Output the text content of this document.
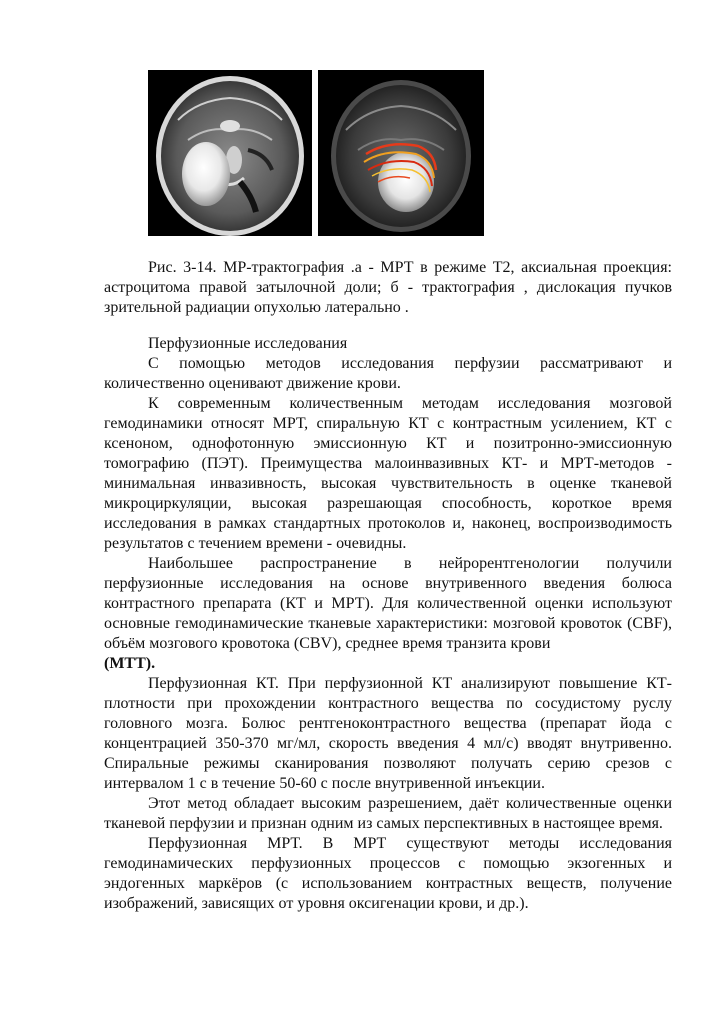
Рис. 3-14. МР-трактография .а - МРТ в режиме Т2, аксиальная проекция: астроцитома правой затылочной доли; б - трактография , дислокация пучков зрительной радиации опухолью латерально .

Перфузионные исследования

С помощью методов исследования перфузии рассматривают и количественно оценивают движение крови.

К современным количественным методам исследования мозговой гемодинамики относят МРТ, спиральную КТ с контрастным усилением, КТ с ксеноном, однофотонную эмиссионную КТ и позитронно-эмиссионную томографию (ПЭТ). Преимущества малоинвазивных КТ- и МРТ-методов - минимальная инвазивность, высокая чувствительность в оценке тканевой микроциркуляции, высокая разрешающая способность, короткое время исследования в рамках стандартных протоколов и, наконец, воспроизводимость результатов с течением времени - очевидны.

Наибольшее распространение в нейрорентгенологии получили перфузионные исследования на основе внутривенного введения болюса контрастного препарата (КТ и МРТ). Для количественной оценки используют основные гемодинамические тканевые характеристики: мозговой кровоток (CBF), объём мозгового кровотока (CBV), среднее время транзита крови
(MTT).

Перфузионная КТ. При перфузионной КТ анализируют повышение КТ-плотности при прохождении контрастного вещества по сосудистому руслу головного мозга. Болюс рентгеноконтрастного вещества (препарат йода с концентрацией 350-370 мг/мл, скорость введения 4 мл/с) вводят внутривенно. Спиральные режимы сканирования позволяют получать серию срезов с интервалом 1 с в течение 50-60 с после внутривенной инъекции.

Этот метод обладает высоким разрешением, даёт количественные оценки тканевой перфузии и признан одним из самых перспективных в настоящее время.

Перфузионная МРТ. В МРТ существуют методы исследования гемодинамических перфузионных процессов с помощью экзогенных и эндогенных маркёров (с использованием контрастных веществ, получение изображений, зависящих от уровня оксигенации крови, и др.).
